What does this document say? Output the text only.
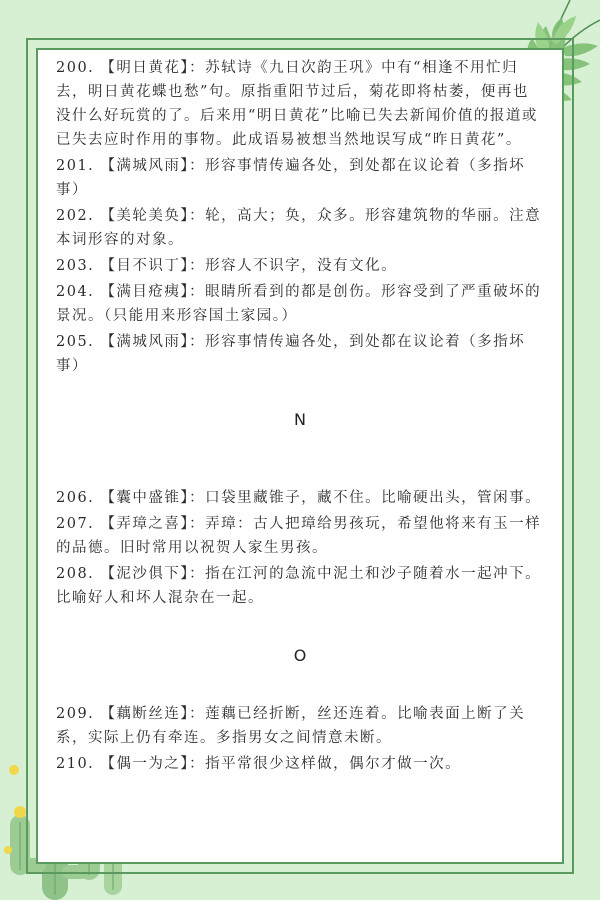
200. 【明日黄花】：苏轼诗《九日次韵王巩》中有“相逢不用忙归去，明日黄花蝶也愁”句。原指重阳节过后，菊花即将枯萎，便再也没什么好玩赏的了。后来用“明日黄花”比喻已失去新闻价值的报道或已失去应时作用的事物。此成语易被想当然地误写成“昨日黄花”。
201. 【满城风雨】：形容事情传遍各处，到处都在议论着（多指坏事）
202. 【美轮美奂】：轮，高大；奂，众多。形容建筑物的华丽。注意本词形容的对象。
203. 【目不识丁】：形容人不识字，没有文化。
204. 【满目疮痍】：眼睛所看到的都是创伤。形容受到了严重破坏的景况。（只能用来形容国土家园。）
205. 【满城风雨】：形容事情传遍各处，到处都在议论着（多指坏事）
N
206. 【囊中盛锥】：口袋里藏锥子，藏不住。比喻硬出头，管闲事。
207. 【弄璋之喜】：弄璋：古人把璋给男孩玩，希望他将来有玉一样的品德。旧时常用以祝贺人家生男孩。
208. 【泥沙俱下】：指在江河的急流中泥土和沙子随着水一起冲下。比喻好人和坏人混杂在一起。
O
209. 【藕断丝连】：莲藕已经折断，丝还连着。比喻表面上断了关系，实际上仍有牵连。多指男女之间情意未断。
210. 【偶一为之】：指平常很少这样做，偶尔才做一次。
